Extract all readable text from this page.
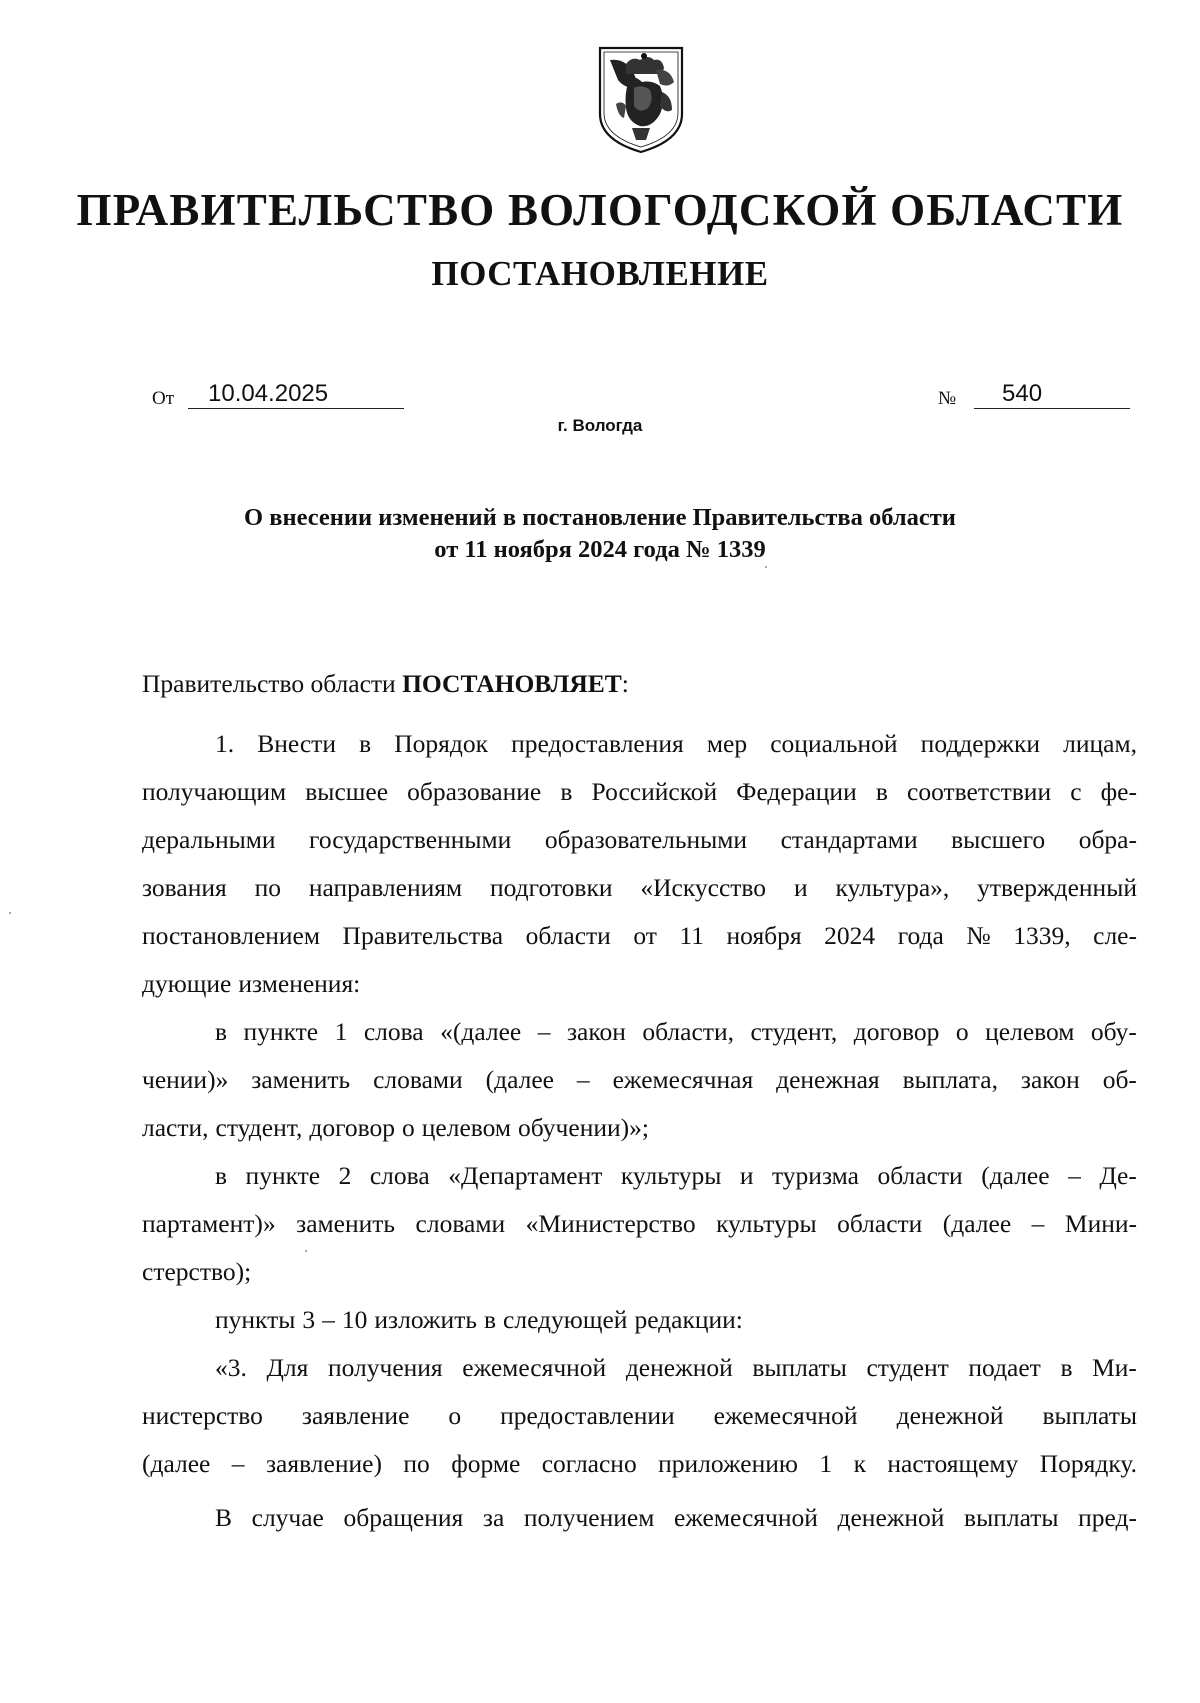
ПРАВИТЕЛЬСТВО ВОЛОГОДСКОЙ ОБЛАСТИ
ПОСТАНОВЛЕНИЕ
От	10.04.2025	№	540
г. Вологда
О внесении изменений в постановление Правительства области
от 11 ноября 2024 года № 1339
Правительство области
ПОСТАНОВЛЯЕТ :
1. Внести в Порядок предоставления мер социальной поддержки лицам,
получающим высшее образование в Российской Федерации в соответствии с фе-
деральными государственными образовательными стандартами высшего обра-
зования по направлениям подготовки «Искусство и культура», утвержденный
постановлением Правительства области от 11 ноября 2024 года № 1339, сле-
дующие изменения:
в пункте 1 слова «(далее – закон области, студент, договор о целевом обу-
чении)» заменить словами (далее – ежемесячная денежная выплата, закон об-
ласти, студент, договор о целевом обучении)»;
в пункте 2 слова «Департамент культуры и туризма области (далее – Де-
партамент)» заменить словами «Министерство культуры области (далее – Мини-
стерство);
пункты 3 – 10 изложить в следующей редакции:
«3. Для получения ежемесячной денежной выплаты студент подает в Ми-
нистерство заявление о предоставлении ежемесячной денежной выплаты
(далее – заявление) по форме согласно приложению 1 к настоящему Порядку.
В случае обращения за получением ежемесячной денежной выплаты пред-
